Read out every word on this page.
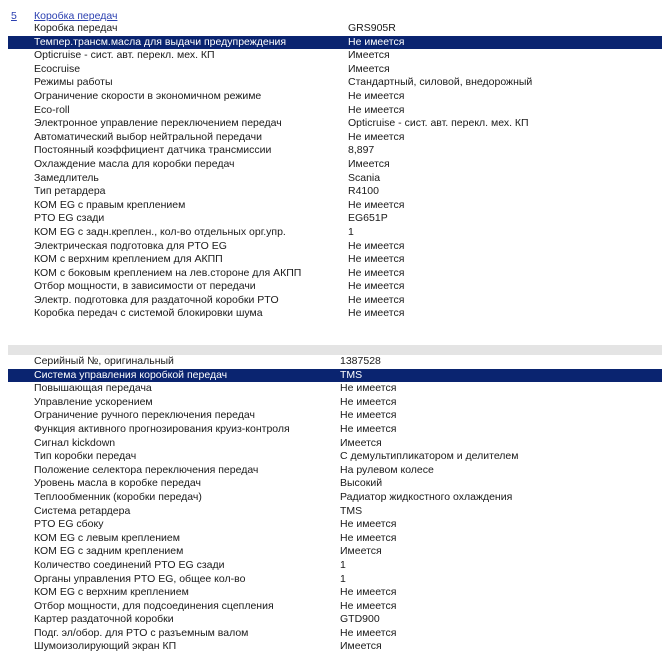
5 Коробка передач
Коробка передач	GRS905R
Темпер.трансм.масла для выдачи предупреждения	Не имеется
Opticruise - сист. авт. перекл. мех. КП	Имеется
Ecocruise	Имеется
Режимы работы	Стандартный, силовой, внедорожный
Ограничение скорости в экономичном режиме	Не имеется
Eco-roll	Не имеется
Электронное управление переключением передач	Opticruise - сист. авт. перекл. мех. КП
Автоматический выбор нейтральной передачи	Не имеется
Постоянный коэффициент датчика трансмиссии	8,897
Охлаждение масла для коробки передач	Имеется
Замедлитель	Scania
Тип ретардера	R4100
КОМ EG с правым креплением	Не имеется
PTO EG сзади	EG651P
КОМ EG с задн.креплен., кол-во отдельных орг.упр.	1
Электрическая подготовка для PTO EG	Не имеется
КОМ с верхним креплением для АКПП	Не имеется
КОМ с боковым креплением на лев.стороне для АКПП	Не имеется
Отбор мощности, в зависимости от передачи	Не имеется
Электр. подготовка для раздаточной коробки PTO	Не имеется
Коробка передач с системой блокировки шума	Не имеется
Серийный №, оригинальный	1387528
Система управления коробкой передач	TMS
Повышающая передача	Не имеется
Управление ускорением	Не имеется
Ограничение ручного переключения передач	Не имеется
Функция активного прогнозирования круиз-контроля	Не имеется
Сигнал kickdown	Имеется
Тип коробки передач	С демультипликатором и делителем
Положение селектора переключения передач	На рулевом колесе
Уровень масла в коробке передач	Высокий
Теплообменник (коробки передач)	Радиатор жидкостного охлаждения
Система ретардера	TMS
PTO EG сбоку	Не имеется
КОМ EG с левым креплением	Не имеется
КОМ EG с задним креплением	Имеется
Количество соединений PTO EG сзади	1
Органы управления PTO EG, общее кол-во	1
КОМ EG с верхним креплением	Не имеется
Отбор мощности, для подсоединения сцепления	Не имеется
Картер раздаточной коробки	GTD900
Подг. эл/обор. для PTO с разъемным валом	Не имеется
Шумоизолирующий экран КП	Имеется
